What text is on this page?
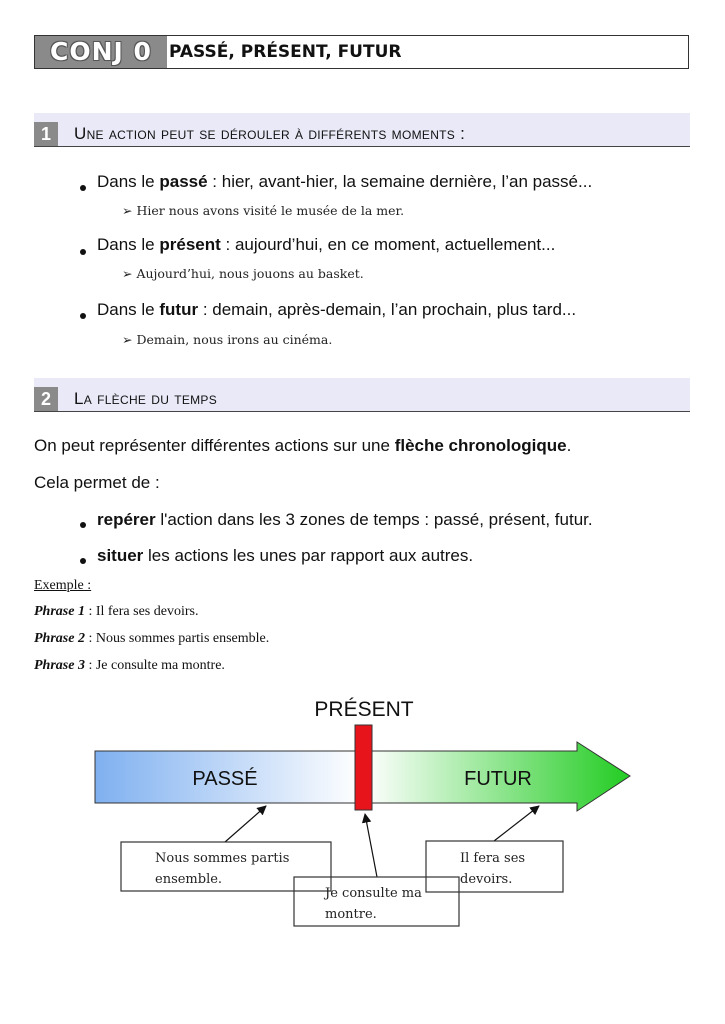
CONJ 0	PASSÉ, PRÉSENT, FUTUR
1	Une action peut se dérouler à différents moments :
Dans le passé : hier, avant-hier, la semaine dernière, l’an passé...
➢ Hier nous avons visité le musée de la mer.
Dans le présent : aujourd’hui, en ce moment, actuellement...
➢ Aujourd’hui, nous jouons au basket.
Dans le futur : demain, après-demain, l’an prochain, plus tard...
➢ Demain, nous irons au cinéma.
2	La flèche du temps
On peut représenter différentes actions sur une flèche chronologique.
Cela permet de :
repérer l'action dans les 3 zones de temps : passé, présent, futur.
situer les actions les unes par rapport aux autres.
Exemple :
Phrase 1 : Il fera ses devoirs.
Phrase 2 : Nous sommes partis ensemble.
Phrase 3 : Je consulte ma montre.
PRÉSENT
PASSÉ	FUTUR
Nous sommes partis
ensemble.
Il fera ses
devoirs.
Je consulte ma
montre.
